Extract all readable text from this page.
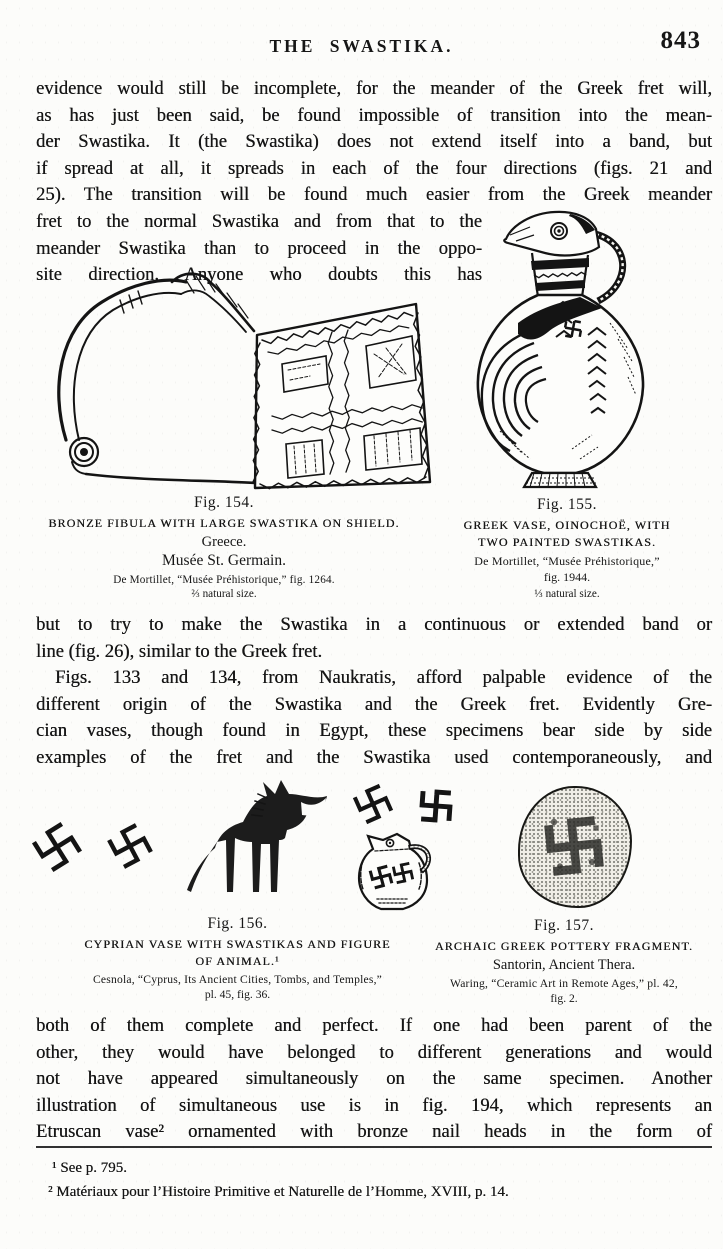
THE SWASTIKA.	843
evidence would still be incomplete, for the meander of the Greek fret will,
as has just been said, be found impossible of transition into the mean-
der Swastika. It (the Swastika) does not extend itself into a band, but
if spread at all, it spreads in each of the four directions (figs. 21 and
25). The transition will be found much easier from the Greek meander
fret to the normal Swastika and from that to the
meander Swastika than to proceed in the oppo-
site direction. Anyone who doubts this has
Fig. 154.
BRONZE FIBULA WITH LARGE SWASTIKA ON SHIELD.
Greece.
Musée St. Germain.
De Mortillet, “Musée Préhistorique,” fig. 1264.
⅔ natural size.
Fig. 155.
GREEK VASE, OINOCHOË, WITH
TWO PAINTED SWASTIKAS.
De Mortillet, “Musée Préhistorique,”
fig. 1944.
⅓ natural size.
but to try to make the Swastika in a continuous or extended band or
line (fig. 26), similar to the Greek fret.
Figs. 133 and 134, from Naukratis, afford palpable evidence of the
different origin of the Swastika and the Greek fret. Evidently Gre-
cian vases, though found in Egypt, these specimens bear side by side
examples of the fret and the Swastika used contemporaneously, and
Fig. 156.
CYPRIAN VASE WITH SWASTIKAS AND FIGURE
OF ANIMAL.¹
Cesnola, “Cyprus, Its Ancient Cities, Tombs, and Temples,”
pl. 45, fig. 36.
Fig. 157.
ARCHAIC GREEK POTTERY FRAGMENT.
Santorin, Ancient Thera.
Waring, “Ceramic Art in Remote Ages,” pl. 42,
fig. 2.
both of them complete and perfect. If one had been parent of the
other, they would have belonged to different generations and would
not have appeared simultaneously on the same specimen. Another
illustration of simultaneous use is in fig. 194, which represents an
Etruscan vase² ornamented with bronze nail heads in the form of
¹ See p. 795.
² Matériaux pour l’Histoire Primitive et Naturelle de l’Homme, XVIII, p. 14.
